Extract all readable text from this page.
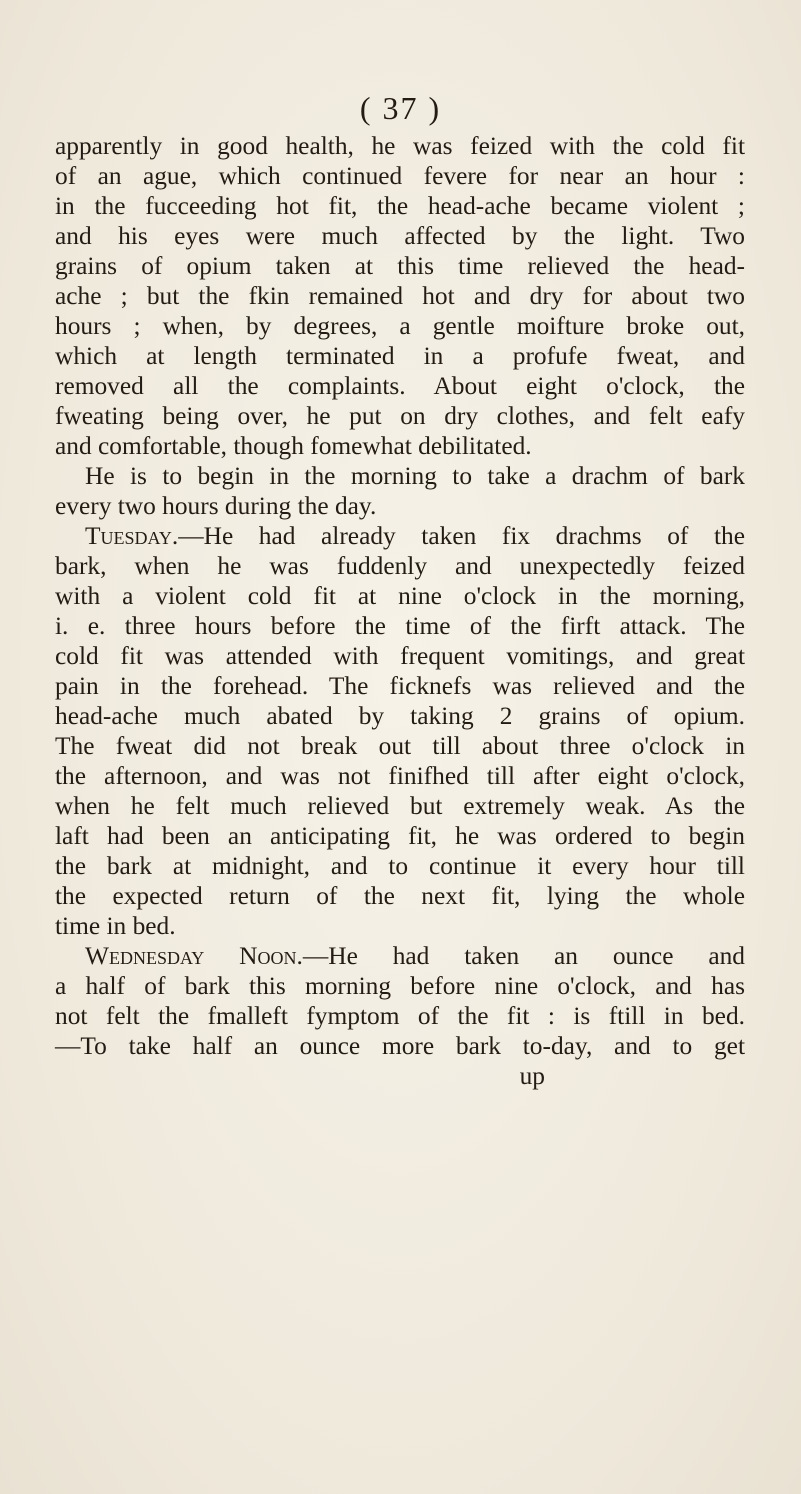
( 37 )
apparently in good health, he was feized with the cold fit
of an ague, which continued fevere for near an hour :
in the fucceeding hot fit, the head-ache became violent ;
and his eyes were much affected by the light. Two
grains of opium taken at this time relieved the head-
ache ; but the fkin remained hot and dry for about two
hours ; when, by degrees, a gentle moifture broke out,
which at length terminated in a profufe fweat, and
removed all the complaints. About eight o'clock, the
fweating being over, he put on dry clothes, and felt eafy
and comfortable, though fomewhat debilitated.
He is to begin in the morning to take a drachm of bark
every two hours during the day.
Tuesday.—He had already taken fix drachms of the
bark, when he was fuddenly and unexpectedly feized
with a violent cold fit at nine o'clock in the morning,
i. e. three hours before the time of the firft attack. The
cold fit was attended with frequent vomitings, and great
pain in the forehead. The ficknefs was relieved and the
head-ache much abated by taking 2 grains of opium.
The fweat did not break out till about three o'clock in
the afternoon, and was not finifhed till after eight o'clock,
when he felt much relieved but extremely weak. As the
laft had been an anticipating fit, he was ordered to begin
the bark at midnight, and to continue it every hour till
the expected return of the next fit, lying the whole
time in bed.
Wednesday Noon.—He had taken an ounce and
a half of bark this morning before nine o'clock, and has
not felt the fmalleft fymptom of the fit : is ftill in bed.
—To take half an ounce more bark to-day, and to get
up
